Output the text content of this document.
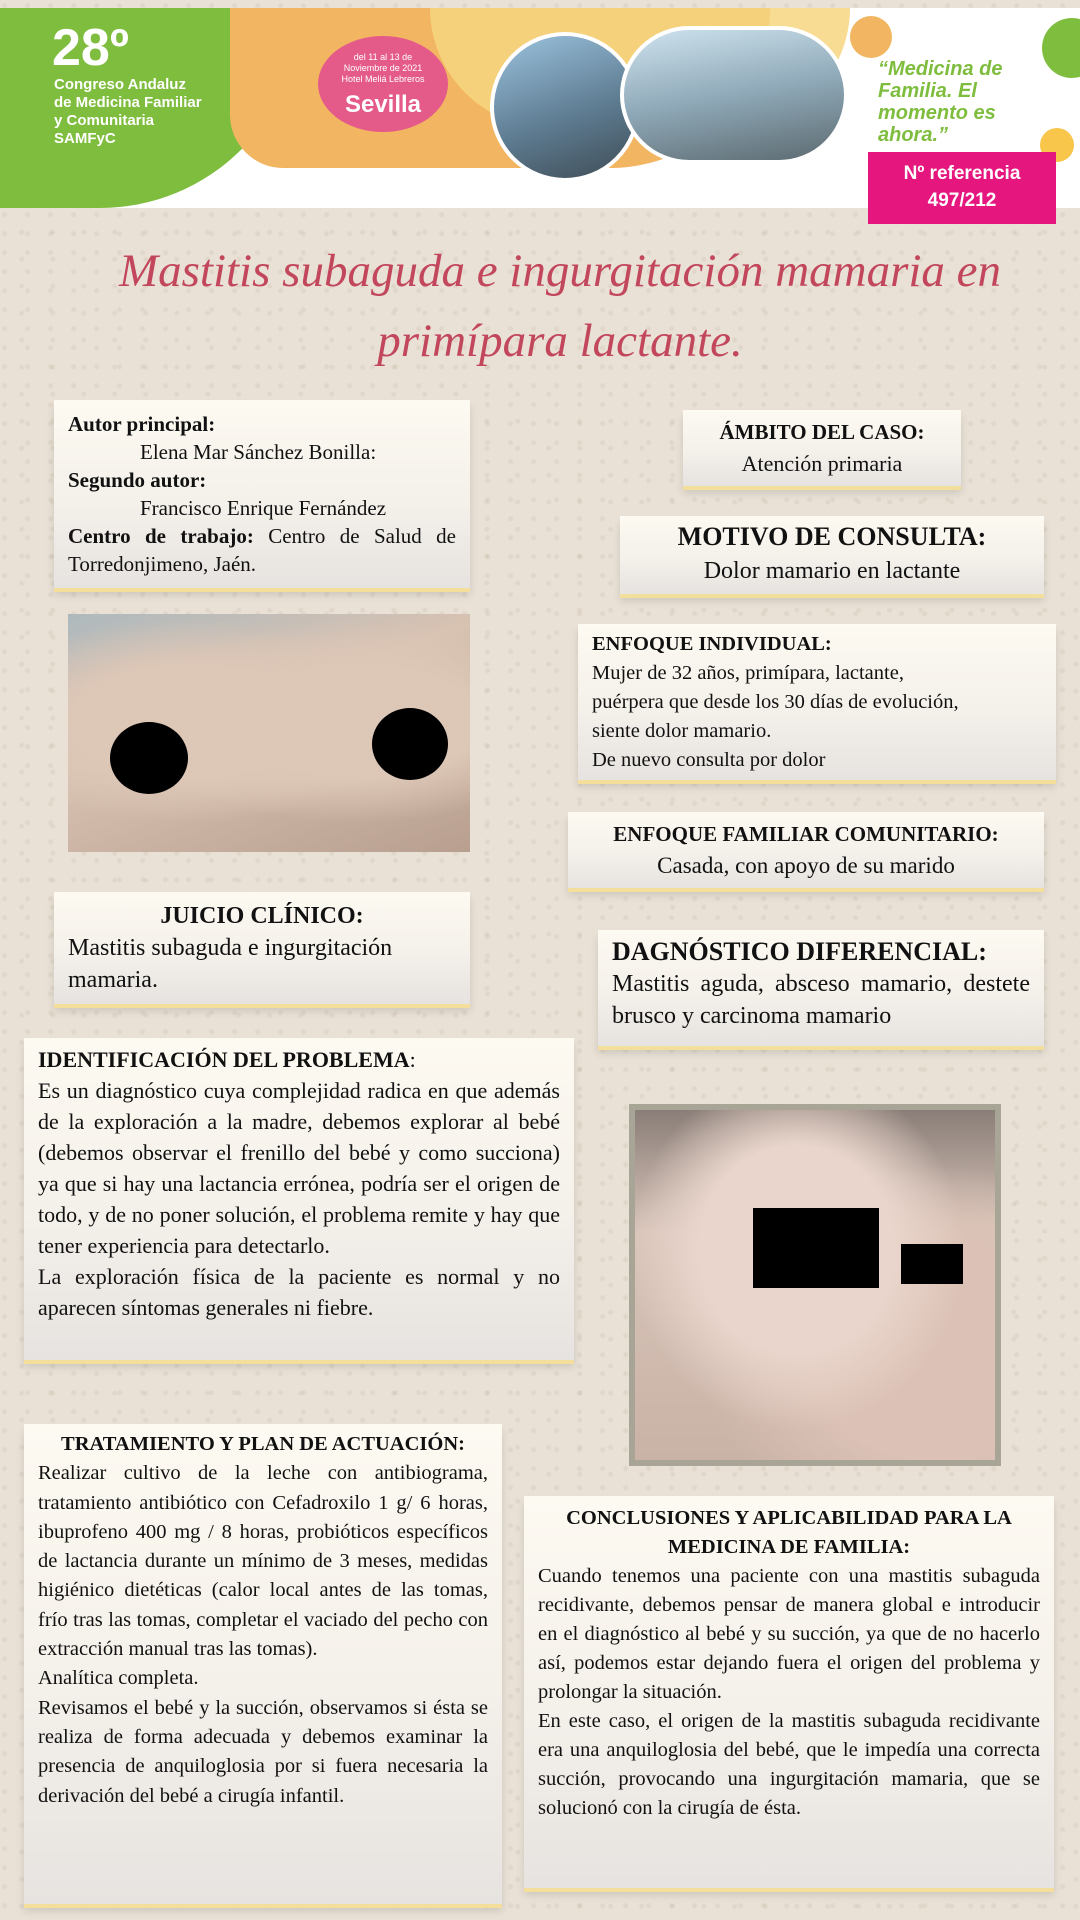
28º
Congreso Andaluz
de Medicina Familiar
y Comunitaria
SAMFyC
del 11 al 13 de
Noviembre de 2021
Hotel Meliá Lebreros
Sevilla
“Medicina de Familia. El momento es ahora.”
Nº referencia
497/212
Mastitis subaguda e ingurgitación mamaria en
primípara lactante.
Autor principal:
Elena Mar Sánchez Bonilla:
Segundo autor:
Francisco Enrique Fernández
Centro de trabajo: Centro de Salud de
Torredonjimeno, Jaén.
JUICIO CLÍNICO:
Mastitis subaguda e ingurgitación
mamaria.
IDENTIFICACIÓN DEL PROBLEMA:
Es un diagnóstico cuya complejidad radica en que además de la exploración a la madre, debemos explorar al bebé (debemos observar el frenillo del bebé y como succiona) ya que si hay una lactancia errónea, podría ser el origen de todo, y de no poner solución, el problema remite y hay que tener experiencia para detectarlo.
La exploración física de la paciente es normal y no aparecen síntomas generales ni fiebre.
TRATAMIENTO Y PLAN DE ACTUACIÓN:
Realizar cultivo de la leche con antibiograma, tratamiento antibiótico con Cefadroxilo 1 g/ 6 horas, ibuprofeno 400 mg / 8 horas, probióticos específicos de lactancia durante un mínimo de 3 meses, medidas higiénico dietéticas (calor local antes de las tomas, frío tras las tomas, completar el vaciado del pecho con extracción manual tras las tomas).
Analítica completa.
Revisamos el bebé y la succión, observamos si ésta se realiza de forma adecuada y debemos examinar la presencia de anquiloglosia por si fuera necesaria la derivación del bebé a cirugía infantil.
ÁMBITO DEL CASO:
Atención primaria
MOTIVO DE CONSULTA:
Dolor mamario en lactante
ENFOQUE INDIVIDUAL:
Mujer de 32 años, primípara, lactante,
puérpera que desde los 30 días de evolución,
siente dolor mamario.
De nuevo consulta por dolor
ENFOQUE FAMILIAR COMUNITARIO:
Casada, con apoyo de su marido
DAGNÓSTICO DIFERENCIAL:
Mastitis aguda, absceso mamario, destete brusco y carcinoma mamario
CONCLUSIONES Y APLICABILIDAD PARA LA MEDICINA DE FAMILIA:
Cuando tenemos una paciente con una mastitis subaguda recidivante, debemos pensar de manera global e introducir en el diagnóstico al bebé y su succión, ya que de no hacerlo así, podemos estar dejando fuera el origen del problema y prolongar la situación.
En este caso, el origen de la mastitis subaguda recidivante era una anquiloglosia del bebé, que le impedía una correcta succión, provocando una ingurgitación mamaria, que se solucionó con la cirugía de ésta.
